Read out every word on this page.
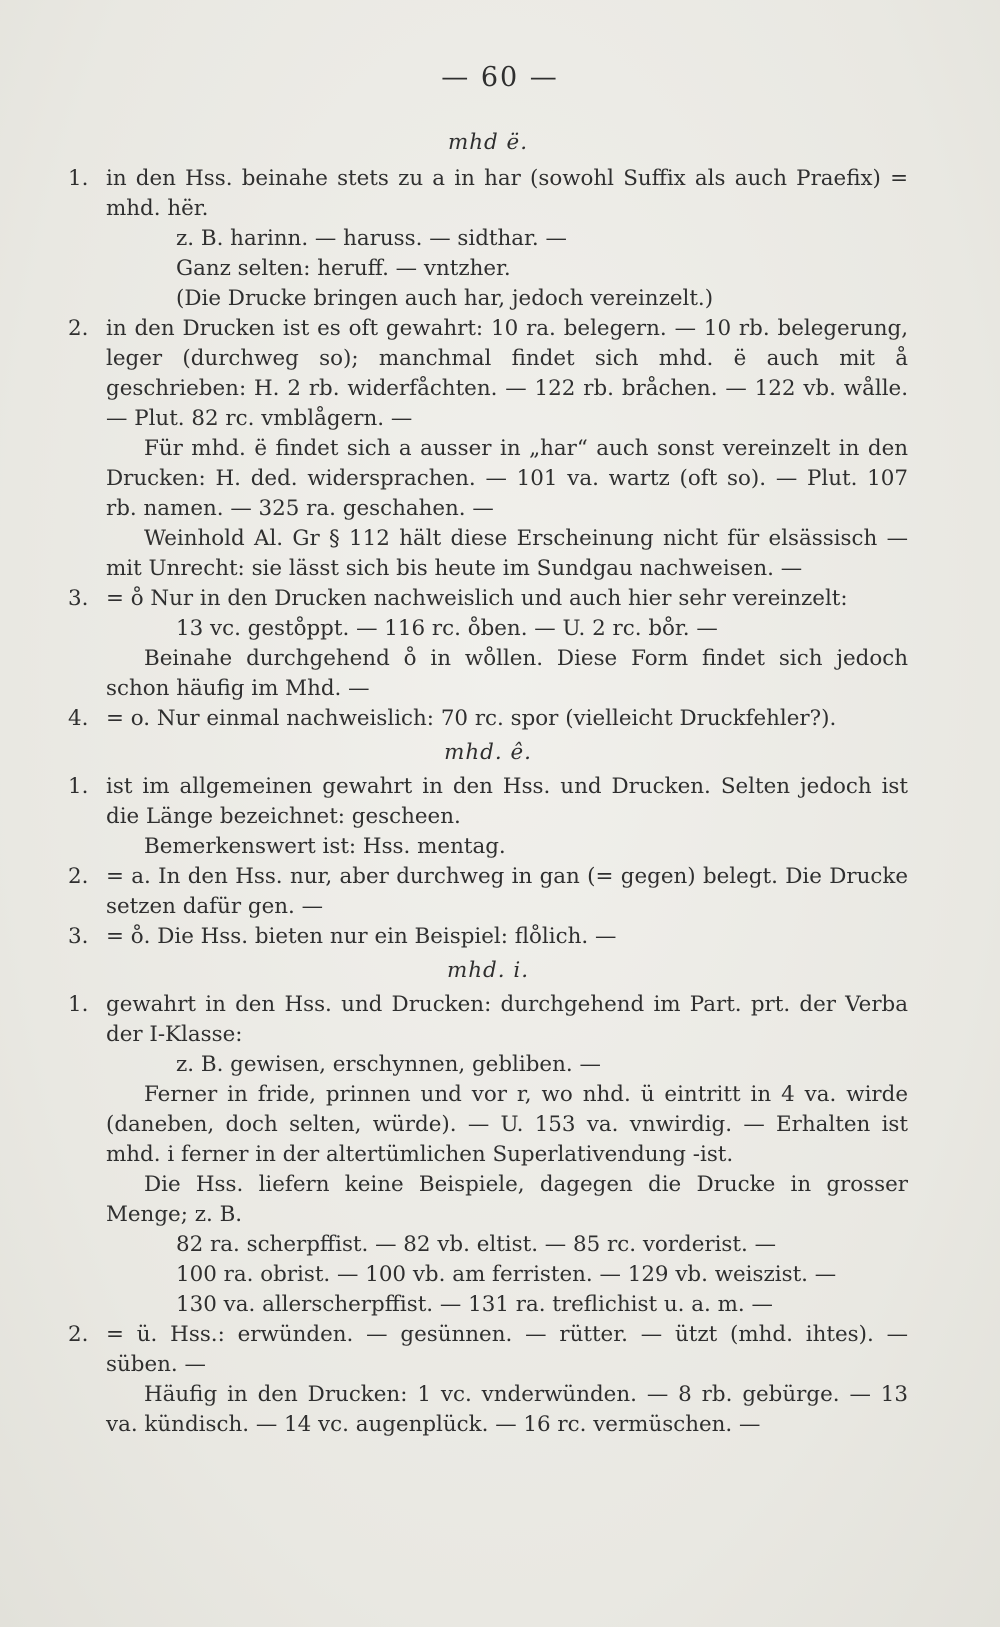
— 60 —

mhd ë.

1. in den Hss. beinahe stets zu a in har (sowohl Suffix als auch Praefix) = mhd. hër.
z. B. harinn. — haruss. — sidthar. —
Ganz selten: heruff. — vntzher.
(Die Drucke bringen auch har, jedoch vereinzelt.)
2. in den Drucken ist es oft gewahrt: 10 ra. belegern. — 10 rb. belegerung, leger (durchweg so); manchmal findet sich mhd. ë auch mit å geschrieben: H. 2 rb. widerfåchten. — 122 rb. bråchen. — 122 vb. wålle. — Plut. 82 rc. vmblågern. —
Für mhd. ë findet sich a ausser in „har“ auch sonst vereinzelt in den Drucken: H. ded. widersprachen. — 101 va. wartz (oft so). — Plut. 107 rb. namen. — 325 ra. geschahen. —
Weinhold Al. Gr § 112 hält diese Erscheinung nicht für elsässisch — mit Unrecht: sie lässt sich bis heute im Sundgau nachweisen. —
3. = o̊ Nur in den Drucken nachweislich und auch hier sehr vereinzelt:
13 vc. gesto̊ppt. — 116 rc. o̊ben. — U. 2 rc. bo̊r. —
Beinahe durchgehend o̊ in wo̊llen. Diese Form findet sich jedoch schon häufig im Mhd. —
4. = o. Nur einmal nachweislich: 70 rc. spor (vielleicht Druckfehler?).

mhd. ê.

1. ist im allgemeinen gewahrt in den Hss. und Drucken. Selten jedoch ist die Länge bezeichnet: gescheen.
Bemerkenswert ist: Hss. mentag.
2. = a. In den Hss. nur, aber durchweg in gan (= gegen) belegt. Die Drucke setzen dafür gen. —
3. = o̊. Die Hss. bieten nur ein Beispiel: flo̊lich. —

mhd. i.

1. gewahrt in den Hss. und Drucken: durchgehend im Part. prt. der Verba der I-Klasse:
z. B. gewisen, erschynnen, gebliben. —
Ferner in fride, prinnen und vor r, wo nhd. ü eintritt in 4 va. wirde (daneben, doch selten, würde). — U. 153 va. vnwirdig. — Erhalten ist mhd. i ferner in der altertümlichen Superlativendung -ist.
Die Hss. liefern keine Beispiele, dagegen die Drucke in grosser Menge; z. B.
82 ra. scherpffist. — 82 vb. eltist. — 85 rc. vorderist. —
100 ra. obrist. — 100 vb. am ferristen. — 129 vb. weiszist. —
130 va. allerscherpffist. — 131 ra. treflichist u. a. m. —
2. = ü. Hss.: erwünden. — gesünnen. — rütter. — ützt (mhd. ihtes). — süben. —
Häufig in den Drucken: 1 vc. vnderwünden. — 8 rb. gebürge. — 13 va. kündisch. — 14 vc. augenplück. — 16 rc. vermüschen. —
